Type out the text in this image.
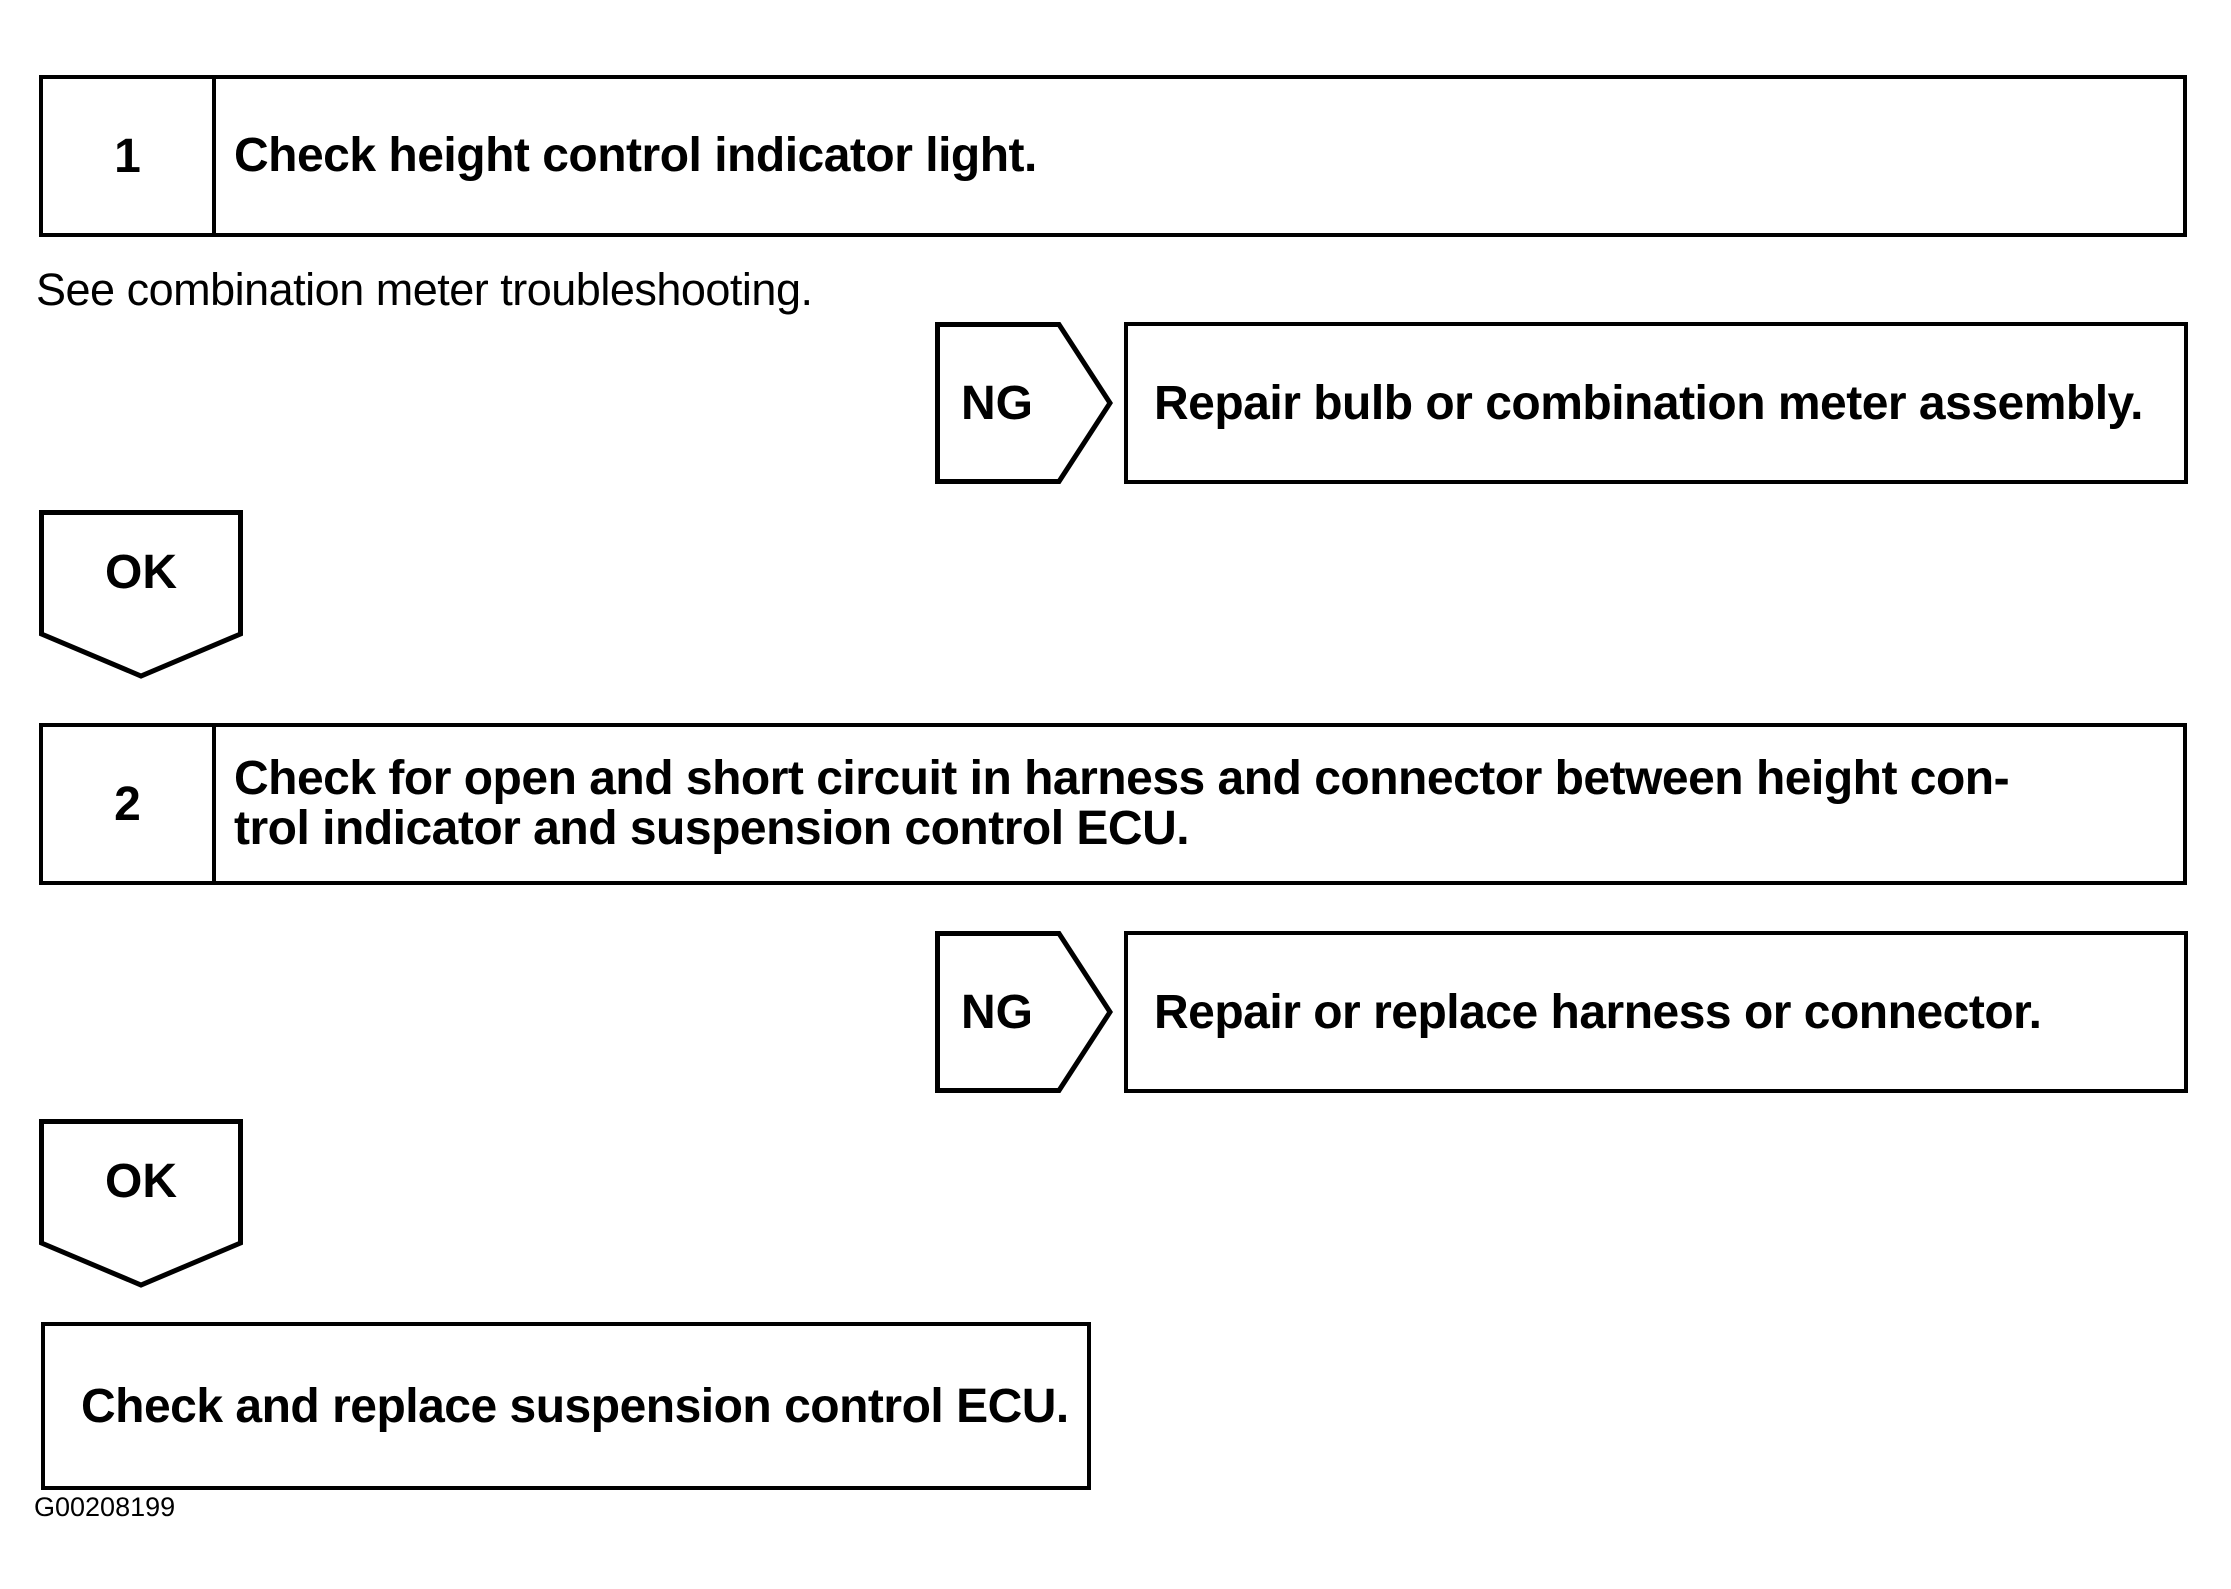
1 Check height control indicator light.
See combination meter troubleshooting.
NG	Repair bulb or combination meter assembly.
OK
2 Check for open and short circuit in harness and connector between height con-
trol indicator and suspension control ECU.
NG	Repair or replace harness or connector.
OK
Check and replace suspension control ECU.
G00208199
